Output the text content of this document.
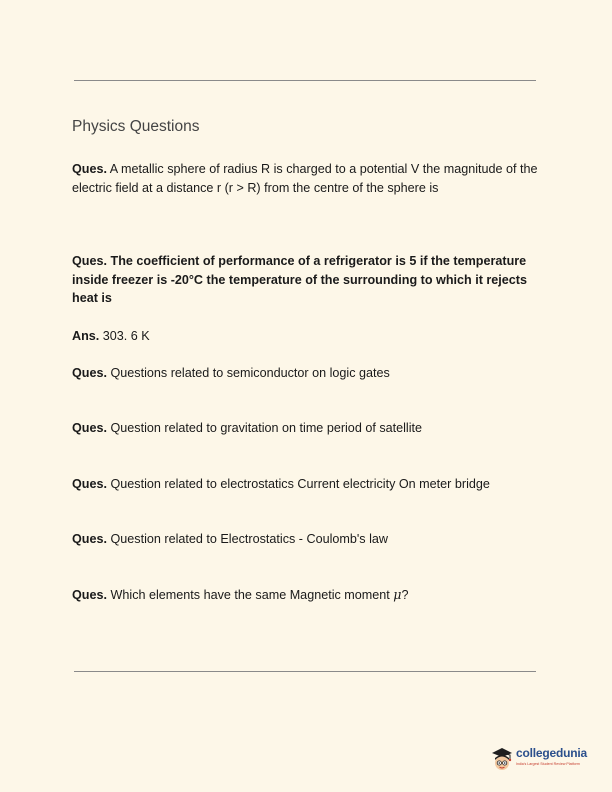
Physics Questions

Ques. A metallic sphere of radius R is charged to a potential V the magnitude of the electric field at a distance r (r > R) from the centre of the sphere is

Ques. The coefficient of performance of a refrigerator is 5 if the temperature inside freezer is -20°C the temperature of the surrounding to which it rejects heat is

Ans. 303. 6 K

Ques. Questions related to semiconductor on logic gates

Ques. Question related to gravitation on time period of satellite

Ques. Question related to electrostatics Current electricity On meter bridge

Ques. Question related to Electrostatics - Coulomb's law

Ques. Which elements have the same Magnetic moment μ?

collegedunia
India's Largest Student Review Platform
